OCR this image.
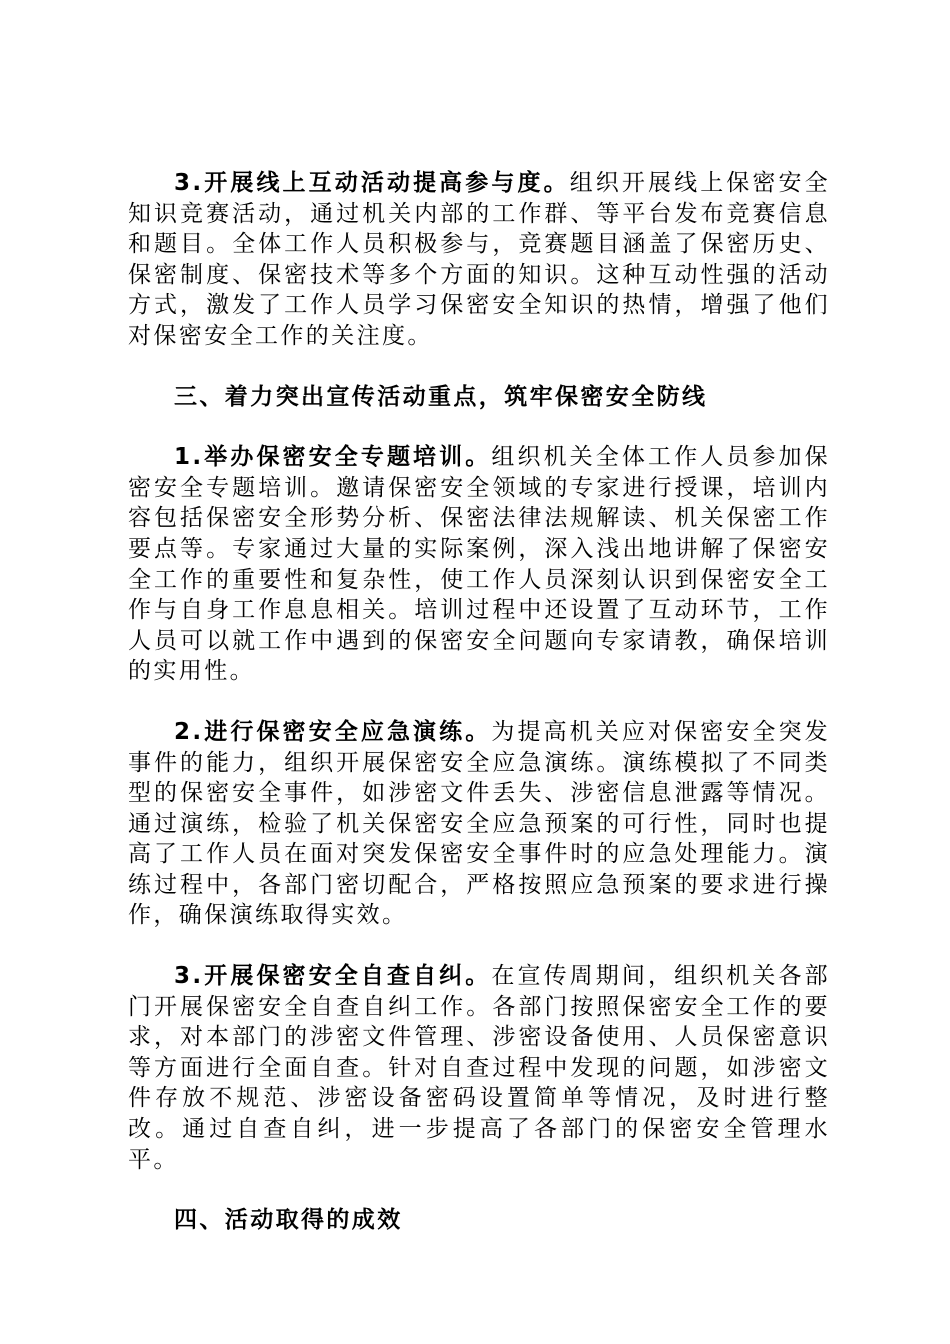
3.开展线上互动活动提高参与度。组织开展线上保密安全知识竞赛活动，通过机关内部的工作群、等平台发布竞赛信息和题目。全体工作人员积极参与，竞赛题目涵盖了保密历史、保密制度、保密技术等多个方面的知识。这种互动性强的活动方式，激发了工作人员学习保密安全知识的热情，增强了他们对保密安全工作的关注度。

三、着力突出宣传活动重点，筑牢保密安全防线

1.举办保密安全专题培训。组织机关全体工作人员参加保密安全专题培训。邀请保密安全领域的专家进行授课，培训内容包括保密安全形势分析、保密法律法规解读、机关保密工作要点等。专家通过大量的实际案例，深入浅出地讲解了保密安全工作的重要性和复杂性，使工作人员深刻认识到保密安全工作与自身工作息息相关。培训过程中还设置了互动环节，工作人员可以就工作中遇到的保密安全问题向专家请教，确保培训的实用性。

2.进行保密安全应急演练。为提高机关应对保密安全突发事件的能力，组织开展保密安全应急演练。演练模拟了不同类型的保密安全事件，如涉密文件丢失、涉密信息泄露等情况。通过演练，检验了机关保密安全应急预案的可行性，同时也提高了工作人员在面对突发保密安全事件时的应急处理能力。演练过程中，各部门密切配合，严格按照应急预案的要求进行操作，确保演练取得实效。

3.开展保密安全自查自纠。在宣传周期间，组织机关各部门开展保密安全自查自纠工作。各部门按照保密安全工作的要求，对本部门的涉密文件管理、涉密设备使用、人员保密意识等方面进行全面自查。针对自查过程中发现的问题，如涉密文件存放不规范、涉密设备密码设置简单等情况，及时进行整改。通过自查自纠，进一步提高了各部门的保密安全管理水平。

四、活动取得的成效
